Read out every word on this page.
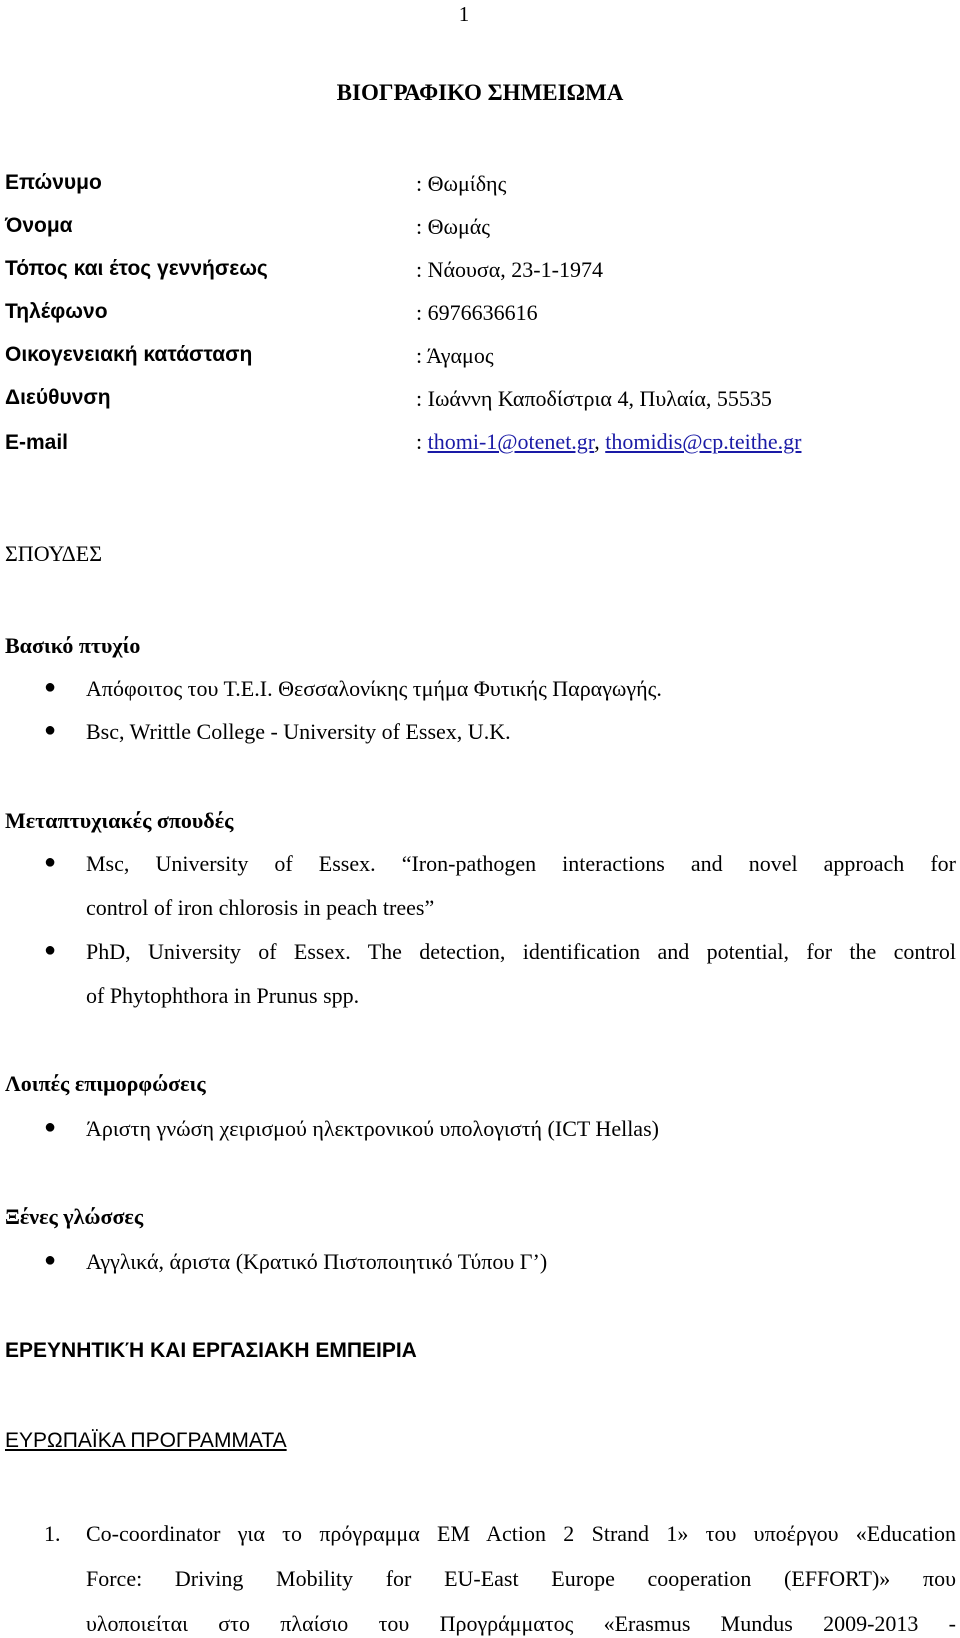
1
ΒΙΟΓΡΑΦΙΚΟ ΣΗΜΕΙΩΜΑ
Επώνυμο	: Θωμίδης
Όνομα	: Θωμάς
Τόπος και έτος γεννήσεως	: Νάουσα, 23-1-1974
Τηλέφωνο	: 6976636616
Οικογενειακή κατάσταση	: Άγαμος
Διεύθυνση	: Ιωάννη Καποδίστρια 4, Πυλαία, 55535
E-mail	: thomi-1@otenet.gr, thomidis@cp.teithe.gr
ΣΠΟΥΔΕΣ
Βασικό πτυχίο
● Απόφοιτος του Τ.Ε.Ι. Θεσσαλονίκης τμήμα Φυτικής Παραγωγής.
● Bsc, Writtle College - University of Essex, U.K.
Μεταπτυχιακές σπουδές
● Msc, University of Essex. “Iron-pathogen interactions and novel approach for
control of iron chlorosis in peach trees”
● PhD, University of Essex. The detection, identification and potential, for the control
of Phytophthora in Prunus spp.
Λοιπές επιμορφώσεις
● Άριστη γνώση χειρισμού ηλεκτρονικού υπολογιστή (ICT Hellas)
Ξένες γλώσσες
● Αγγλικά, άριστα (Κρατικό Πιστοποιητικό Τύπου Γ’)
ΕΡΕΥΝΗΤΙΚΉ ΚΑΙ ΕΡΓΑΣΙΑΚΗ ΕΜΠΕΙΡΙΑ
ΕΥΡΩΠΑΪΚΑ ΠΡΟΓΡΑΜΜΑΤΑ
1. Co-coordinator για το πρόγραμμα EM Action 2 Strand 1» του υποέργου «Education
Force: Driving Mobility for EU-East Europe cooperation (EFFORT)» που
υλοποιείται στο πλαίσιο του Προγράμματος «Erasmus Mundus 2009-2013 -
